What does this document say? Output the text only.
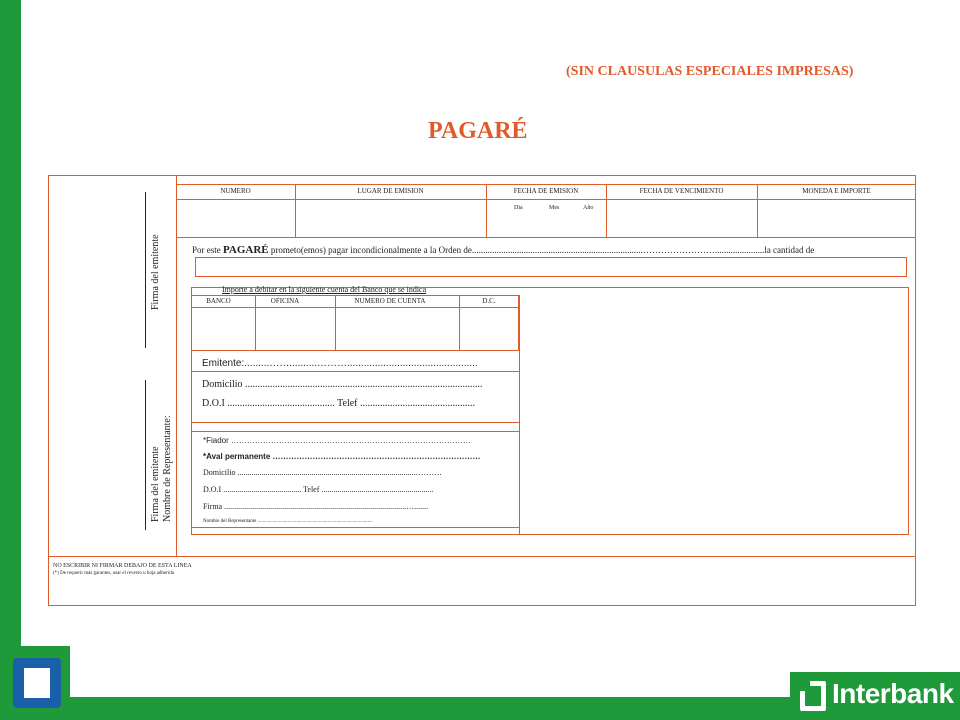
Interbank
(SIN CLAUSULAS ESPECIALES IMPRESAS)
PAGARÉ
Firma del emitente
Firma del emitente Nombre de Representante:
NUMERO	LUGAR DE EMISION	FECHA DE EMISION	FECHA DE VENCIMIENTO	MONEDA E IMPORTE
Dia	Mes	Año
Por este PAGARÉ prometo(emos) pagar incondicionalmente a la Orden de............................................................................……………………......................la cantidad de
Importe a debitar en la siguiente cuenta del Banco que se indica
BANCO	OFICINA	NUMERO DE CUENTA	D.C.
Emitente:.........……..........………...............................................
Domicilio ...............................................................................................
D.O.I ........................................... Telef ..............................................
*Fiador ………………………………………………………………………………
*Aval permanente ……………………………………………………………………
Domicilio .........................................................................................……….
D.O.I ....................................... Telef ........................................................
Firma ...........................................................................................….......
Nombre del Representante ............................................................................................
NO ESCRIBIR NI FIRMAR DEBAJO DE ESTA LINEA
(*) De requerir más garantes, usar el reverso u hoja adherida
